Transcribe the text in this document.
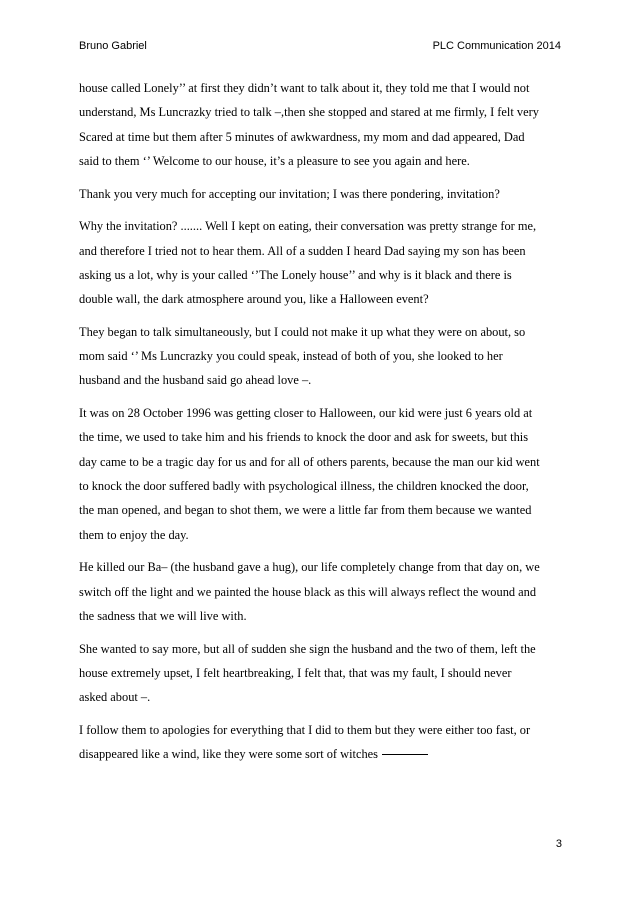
Bruno Gabriel	PLC Communication 2014

house called Lonely’’ at first they didn’t want to talk about it, they told me that I would not
understand, Ms Luncrazky tried to talk –,then she stopped and stared at me firmly, I felt very
Scared at time but them after 5 minutes of awkwardness, my mom and dad appeared, Dad
said to them ‘’ Welcome to our house, it’s a pleasure to see you again and here.

Thank you very much for accepting our invitation; I was there pondering, invitation?

Why the invitation? ....... Well I kept on eating, their conversation was pretty strange for me,
and therefore I tried not to hear them. All of a sudden I heard Dad saying my son has been
asking us a lot, why is your called ‘’The Lonely house’’ and why is it black and there is
double wall, the dark atmosphere around you, like a Halloween event?

They began to talk simultaneously, but I could not make it up what they were on about, so
mom said ‘’ Ms Luncrazky you could speak, instead of both of you, she looked to her
husband and the husband said go ahead love –.

It was on 28 October 1996 was getting closer to Halloween, our kid were just 6 years old at
the time, we used to take him and his friends to knock the door and ask for sweets, but this
day came to be a tragic day for us and for all of others parents, because the man our kid went
to knock the door suffered badly with psychological illness, the children knocked the door,
the man opened, and began to shot them, we were a little far from them because we wanted
them to enjoy the day.

He killed our Ba– (the husband gave a hug), our life completely change from that day on, we
switch off the light and we painted the house black as this will always reflect the wound and
the sadness that we will live with.

She wanted to say more, but all of sudden she sign the husband and the two of them, left the
house extremely upset, I felt heartbreaking, I felt that, that was my fault, I should never
asked about –.

I follow them to apologies for everything that I did to them but they were either too fast, or
disappeared like a wind, like they were some sort of witches

3
